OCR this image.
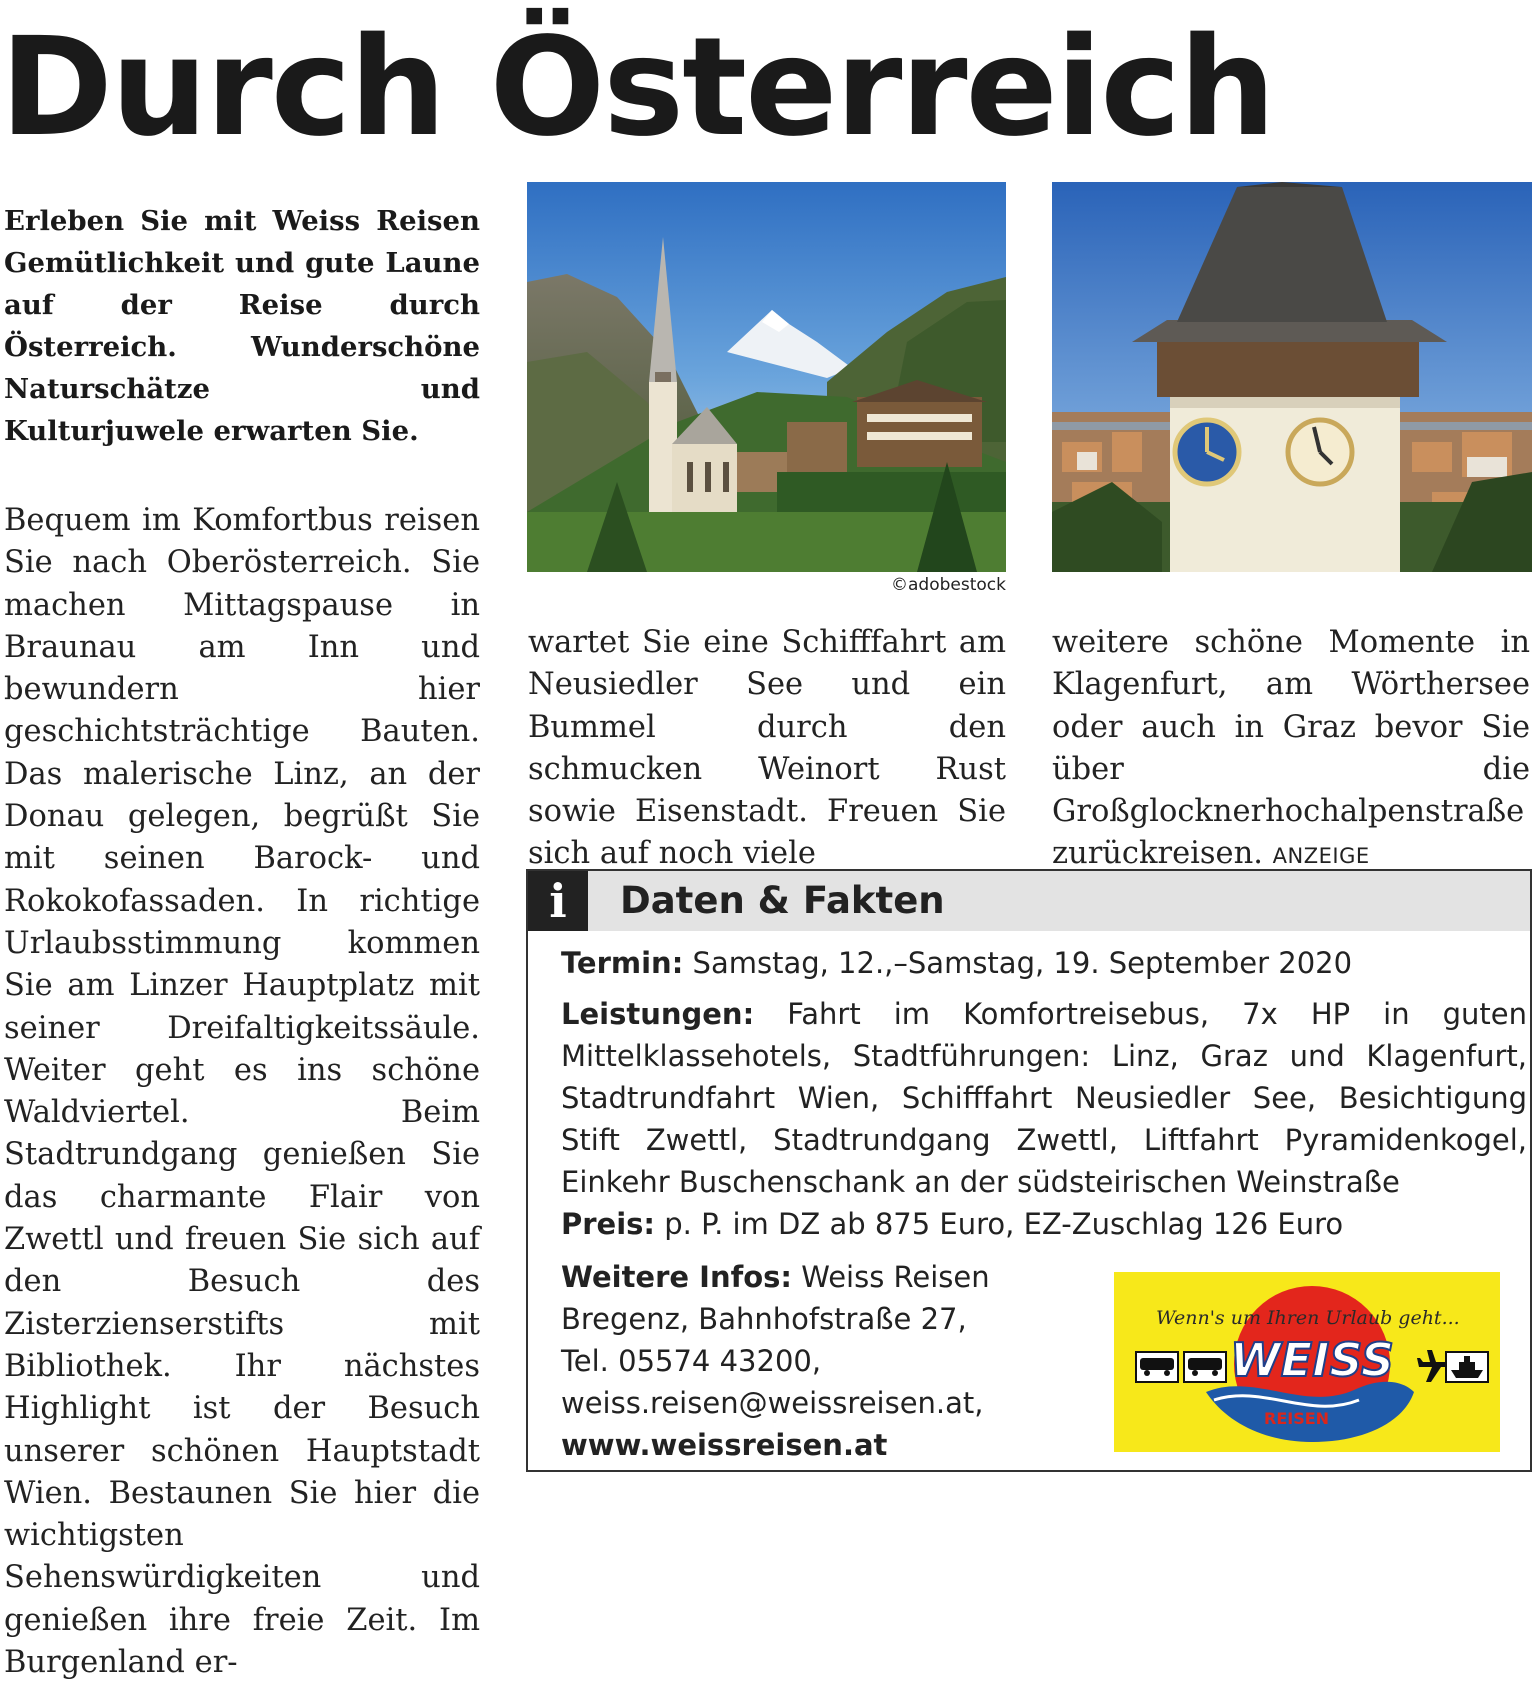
Durch Österreich

Erleben Sie mit Weiss Reisen Gemütlichkeit und gute Laune auf der Reise durch Österreich. Wunderschöne Naturschätze und Kulturjuwele erwarten Sie.

Bequem im Komfortbus reisen Sie nach Oberösterreich. Sie machen Mittagspause in Braunau am Inn und bewundern hier geschichtsträchtige Bauten. Das malerische Linz, an der Donau gelegen, begrüßt Sie mit seinen Barock- und Rokokofassaden. In richtige Urlaubsstimmung kommen Sie am Linzer Hauptplatz mit seiner Dreifaltigkeitssäule. Weiter geht es ins schöne Waldviertel. Beim Stadtrundgang genießen Sie das charmante Flair von Zwettl und freuen Sie sich auf den Besuch des Zisterzienserstifts mit Bibliothek. Ihr nächstes Highlight ist der Besuch unserer schönen Hauptstadt Wien. Bestaunen Sie hier die wichtigsten Sehenswürdigkeiten und genießen ihre freie Zeit. Im Burgenland er-

©adobestock

wartet Sie eine Schifffahrt am Neusiedler See und ein Bummel durch den schmucken Weinort Rust sowie Eisenstadt. Freuen Sie sich auf noch viele

weitere schöne Momente in Klagenfurt, am Wörthersee oder auch in Graz bevor Sie über die Großglocknerhochalpenstraße zurückreisen. ANZEIGE

i	Daten & Fakten

Termin: Samstag, 12.,–Samstag, 19. September 2020

Leistungen: Fahrt im Komfortreisebus, 7x HP in guten Mittelklassehotels, Stadtführungen: Linz, Graz und Klagenfurt, Stadtrundfahrt Wien, Schifffahrt Neusiedler See, Besichtigung Stift Zwettl, Stadtrundgang Zwettl, Liftfahrt Pyramidenkogel, Einkehr Buschenschank an der südsteirischen Weinstraße

Preis: p. P. im DZ ab 875 Euro, EZ-Zuschlag 126 Euro

Weitere Infos: Weiss Reisen
Bregenz, Bahnhofstraße 27,
Tel. 05574 43200,
weiss.reisen@weissreisen.at,
www.weissreisen.at
Wenn's um Ihren Urlaub geht...
WEISS
REISEN
